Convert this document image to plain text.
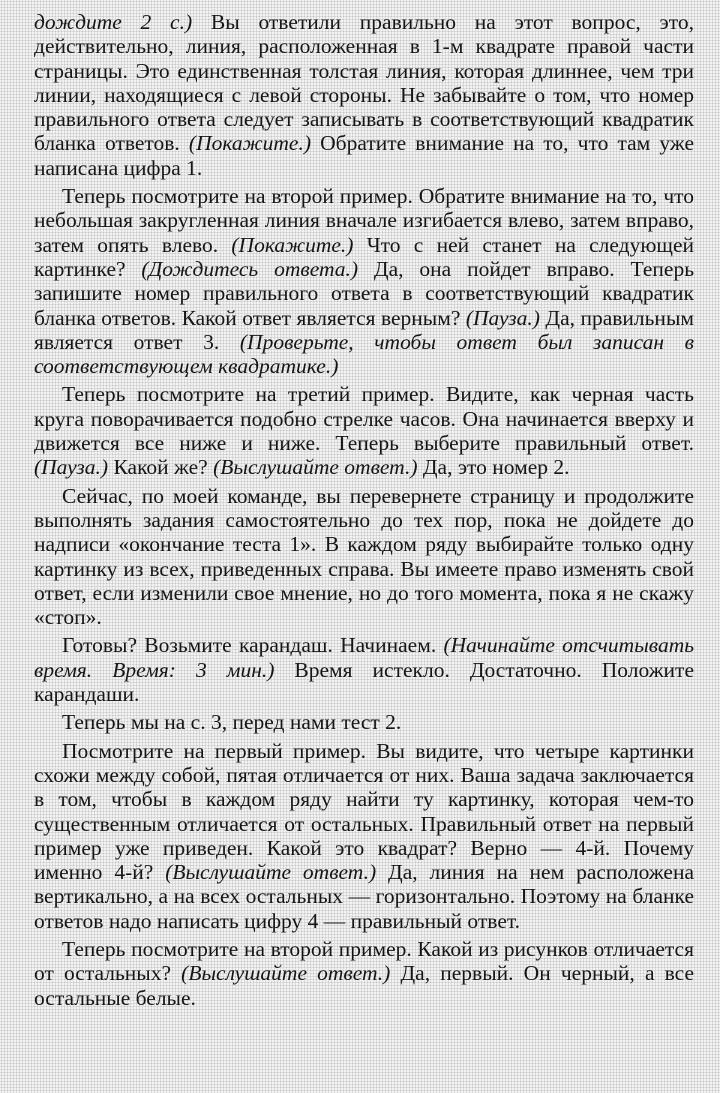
дождите 2 с.) Вы ответили правильно на этот вопрос, это, действительно, линия, расположенная в 1-м квадрате правой части страницы. Это единственная толстая линия, которая длиннее, чем три линии, находящиеся с левой стороны. Не забывайте о том, что номер правильного ответа следует записывать в соответствующий квадратик бланка ответов. (Покажите.) Обратите внимание на то, что там уже написана цифра 1.

Теперь посмотрите на второй пример. Обратите внимание на то, что небольшая закругленная линия вначале изгибается влево, затем вправо, затем опять влево. (Покажите.) Что с ней станет на следующей картинке? (Дождитесь ответа.) Да, она пойдет вправо. Теперь запишите номер правильного ответа в соответствующий квадратик бланка ответов. Какой ответ является верным? (Пауза.) Да, правильным является ответ 3. (Проверьте, чтобы ответ был записан в соответствующем квадратике.)

Теперь посмотрите на третий пример. Видите, как черная часть круга поворачивается подобно стрелке часов. Она начинается вверху и движется все ниже и ниже. Теперь выберите правильный ответ. (Пауза.) Какой же? (Выслушайте ответ.) Да, это номер 2.

Сейчас, по моей команде, вы перевернете страницу и продолжите выполнять задания самостоятельно до тех пор, пока не дойдете до надписи «окончание теста 1». В каждом ряду выбирайте только одну картинку из всех, приведенных справа. Вы имеете право изменять свой ответ, если изменили свое мнение, но до того момента, пока я не скажу «стоп».

Готовы? Возьмите карандаш. Начинаем. (Начинайте отсчитывать время. Время: 3 мин.) Время истекло. Достаточно. Положите карандаши.

Теперь мы на с. 3, перед нами тест 2.

Посмотрите на первый пример. Вы видите, что четыре картинки схожи между собой, пятая отличается от них. Ваша задача заключается в том, чтобы в каждом ряду найти ту картинку, которая чем-то существенным отличается от остальных. Правильный ответ на первый пример уже приведен. Какой это квадрат? Верно — 4-й. Почему именно 4-й? (Выслушайте ответ.) Да, линия на нем расположена вертикально, а на всех остальных — горизонтально. Поэтому на бланке ответов надо написать цифру 4 — правильный ответ.

Теперь посмотрите на второй пример. Какой из рисунков отличается от остальных? (Выслушайте ответ.) Да, первый. Он черный, а все остальные белые.
